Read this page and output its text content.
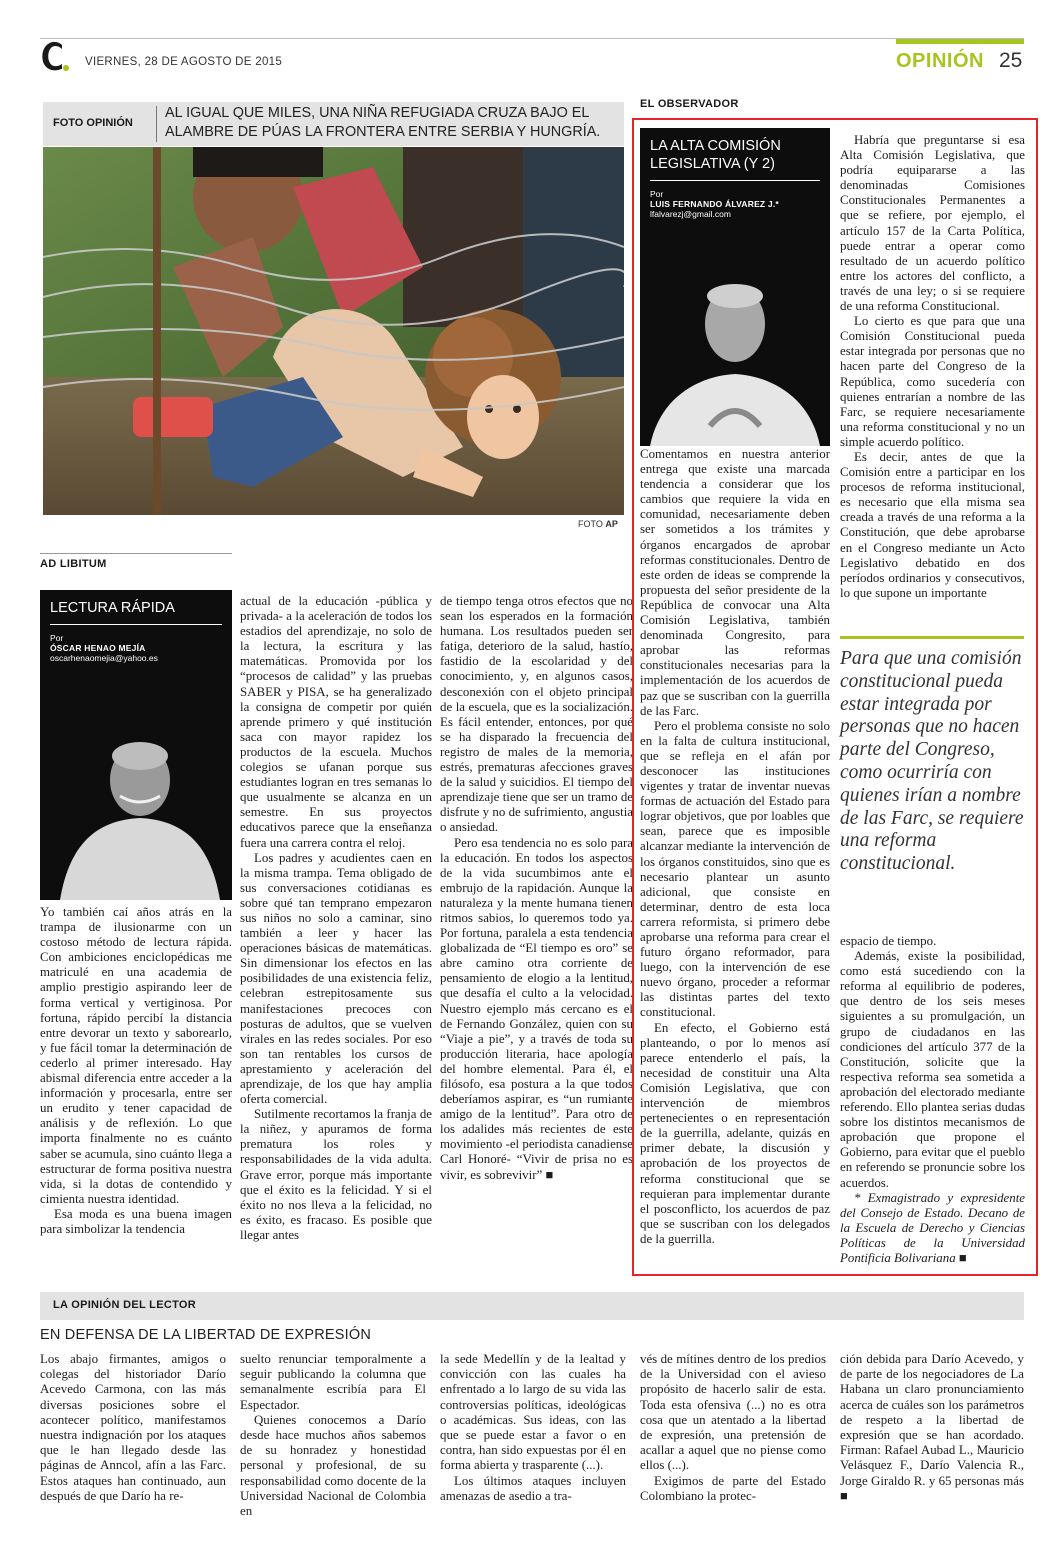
VIERNES, 28 DE AGOSTO DE 2015	OPINIÓN 25
FOTO OPINIÓN
AL IGUAL QUE MILES, UNA NIÑA REFUGIADA CRUZA BAJO EL ALAMBRE DE PÚAS LA FRONTERA ENTRE SERBIA Y HUNGRÍA.
FOTO AP
AD LIBITUM
LECTURA RÁPIDA
Por
ÓSCAR HENAO MEJÍA
oscarhenaomejia@yahoo.es

Yo también caí años atrás en la trampa de ilusionarme con un costoso método de lectura rápida. Con ambiciones enciclopédicas me matriculé en una academia de amplio prestigio aspirando leer de forma vertical y vertiginosa. Por fortuna, rápido percibí la distancia entre devorar un texto y saborearlo, y fue fácil tomar la determinación de cederlo al primer interesado. Hay abismal diferencia entre acceder a la información y procesarla, entre ser un erudito y tener capacidad de análisis y de reflexión. Lo que importa finalmente no es cuánto saber se acumula, sino cuánto llega a estructurar de forma positiva nuestra vida, si la dotas de contendido y cimienta nuestra identidad.

Esa moda es una buena imagen para simbolizar la tendencia

actual de la educación -pública y privada- a la aceleración de todos los estadios del aprendizaje, no solo de la lectura, la escritura y las matemáticas. Promovida por los “procesos de calidad” y las pruebas SABER y PISA, se ha generalizado la consigna de competir por quién aprende primero y qué institución saca con mayor rapidez los productos de la escuela. Muchos colegios se ufanan porque sus estudiantes logran en tres semanas lo que usualmente se alcanza en un semestre. En sus proyectos educativos parece que la enseñanza fuera una carrera contra el reloj.

Los padres y acudientes caen en la misma trampa. Tema obligado de sus conversaciones cotidianas es sobre qué tan temprano empezaron sus niños no solo a caminar, sino también a leer y hacer las operaciones básicas de matemáticas. Sin dimensionar los efectos en las posibilidades de una existencia feliz, celebran estrepitosamente sus manifestaciones precoces con posturas de adultos, que se vuelven virales en las redes sociales. Por eso son tan rentables los cursos de aprestamiento y aceleración del aprendizaje, de los que hay amplia oferta comercial.

Sutilmente recortamos la franja de la niñez, y apuramos de forma prematura los roles y responsabilidades de la vida adulta. Grave error, porque más importante que el éxito es la felicidad. Y si el éxito no nos lleva a la felicidad, no es éxito, es fracaso. Es posible que llegar antes

de tiempo tenga otros efectos que no sean los esperados en la formación humana. Los resultados pueden ser fatiga, deterioro de la salud, hastío, fastidio de la escolaridad y del conocimiento, y, en algunos casos, desconexión con el objeto principal de la escuela, que es la socialización. Es fácil entender, entonces, por qué se ha disparado la frecuencia del registro de males de la memoria, estrés, prematuras afecciones graves de la salud y suicidios. El tiempo del aprendizaje tiene que ser un tramo de disfrute y no de sufrimiento, angustia o ansiedad.

Pero esa tendencia no es solo para la educación. En todos los aspectos de la vida sucumbimos ante el embrujo de la rapidación. Aunque la naturaleza y la mente humana tienen ritmos sabios, lo queremos todo ya. Por fortuna, paralela a esta tendencia globalizada de “El tiempo es oro” se abre camino otra corriente de pensamiento de elogio a la lentitud, que desafía el culto a la velocidad. Nuestro ejemplo más cercano es el de Fernando González, quien con su “Viaje a pie”, y a través de toda su producción literaria, hace apología del hombre elemental. Para él, el filósofo, esa postura a la que todos deberíamos aspirar, es “un rumiante amigo de la lentitud”. Para otro de los adalides más recientes de este movimiento -el periodista canadiense Carl Honoré- “Vivir de prisa no es vivir, es sobrevivir” ■

EL OBSERVADOR
LA ALTA COMISIÓN LEGISLATIVA (Y 2)
Por
LUIS FERNANDO ÁLVAREZ J.*
lfalvarezj@gmail.com

Comentamos en nuestra anterior entrega que existe una marcada tendencia a considerar que los cambios que requiere la vida en comunidad, necesariamente deben ser sometidos a los trámites y órganos encargados de aprobar reformas constitucionales. Dentro de este orden de ideas se comprende la propuesta del señor presidente de la República de convocar una Alta Comisión Legislativa, también denominada Congresito, para aprobar las reformas constitucionales necesarias para la implementación de los acuerdos de paz que se suscriban con la guerrilla de las Farc.

Pero el problema consiste no solo en la falta de cultura institucional, que se refleja en el afán por desconocer las instituciones vigentes y tratar de inventar nuevas formas de actuación del Estado para lograr objetivos, que por loables que sean, parece que es imposible alcanzar mediante la intervención de los órganos constituidos, sino que es necesario plantear un asunto adicional, que consiste en determinar, dentro de esta loca carrera reformista, si primero debe aprobarse una reforma para crear el futuro órgano reformador, para luego, con la intervención de ese nuevo órgano, proceder a reformar las distintas partes del texto constitucional.

En efecto, el Gobierno está planteando, o por lo menos así parece entenderlo el país, la necesidad de constituir una Alta Comisión Legislativa, que con intervención de miembros pertenecientes o en representación de la guerrilla, adelante, quizás en primer debate, la discusión y aprobación de los proyectos de reforma constitucional que se requieran para implementar durante el posconflicto, los acuerdos de paz que se suscriban con los delegados de la guerrilla.

Habría que preguntarse si esa Alta Comisión Legislativa, que podría equipararse a las denominadas Comisiones Constitucionales Permanentes a que se refiere, por ejemplo, el artículo 157 de la Carta Política, puede entrar a operar como resultado de un acuerdo político entre los actores del conflicto, a través de una ley; o si se requiere de una reforma Constitucional.

Lo cierto es que para que una Comisión Constitucional pueda estar integrada por personas que no hacen parte del Congreso de la República, como sucedería con quienes entrarían a nombre de las Farc, se requiere necesariamente una reforma constitucional y no un simple acuerdo político.

Es decir, antes de que la Comisión entre a participar en los procesos de reforma institucional, es necesario que ella misma sea creada a través de una reforma a la Constitución, que debe aprobarse en el Congreso mediante un Acto Legislativo debatido en dos períodos ordinarios y consecutivos, lo que supone un importante

Para que una comisión constitucional pueda estar integrada por personas que no hacen parte del Congreso, como ocurriría con quienes irían a nombre de las Farc, se requiere una reforma constitucional.

espacio de tiempo.

Además, existe la posibilidad, como está sucediendo con la reforma al equilibrio de poderes, que dentro de los seis meses siguientes a su promulgación, un grupo de ciudadanos en las condiciones del artículo 377 de la Constitución, solicite que la respectiva reforma sea sometida a aprobación del electorado mediante referendo. Ello plantea serias dudas sobre los distintos mecanismos de aprobación que propone el Gobierno, para evitar que el pueblo en referendo se pronuncie sobre los acuerdos.

* Exmagistrado y expresidente del Consejo de Estado. Decano de la Escuela de Derecho y Ciencias Políticas de la Universidad Pontificia Bolivariana ■

LA OPINIÓN DEL LECTOR
EN DEFENSA DE LA LIBERTAD DE EXPRESIÓN

Los abajo firmantes, amigos o colegas del historiador Darío Acevedo Carmona, con las más diversas posiciones sobre el acontecer político, manifestamos nuestra indignación por los ataques que le han llegado desde las páginas de Anncol, afín a las Farc. Estos ataques han continuado, aun después de que Darío ha re-

suelto renunciar temporalmente a seguir publicando la columna que semanalmente escribía para El Espectador.

Quienes conocemos a Darío desde hace muchos años sabemos de su honradez y honestidad personal y profesional, de su responsabilidad como docente de la Universidad Nacional de Colombia en

la sede Medellín y de la lealtad y convicción con las cuales ha enfrentado a lo largo de su vida las controversias políticas, ideológicas o académicas. Sus ideas, con las que se puede estar a favor o en contra, han sido expuestas por él en forma abierta y trasparente (...).

Los últimos ataques incluyen amenazas de asedio a tra-

vés de mítines dentro de los predios de la Universidad con el avieso propósito de hacerlo salir de esta. Toda esta ofensiva (...) no es otra cosa que un atentado a la libertad de expresión, una pretensión de acallar a aquel que no piense como ellos (...).

Exigimos de parte del Estado Colombiano la protec-

ción debida para Darío Acevedo, y de parte de los negociadores de La Habana un claro pronunciamiento acerca de cuáles son los parámetros de respeto a la libertad de expresión que se han acordado. Firman: Rafael Aubad L., Mauricio Velásquez F., Darío Valencia R., Jorge Giraldo R. y 65 personas más ■
